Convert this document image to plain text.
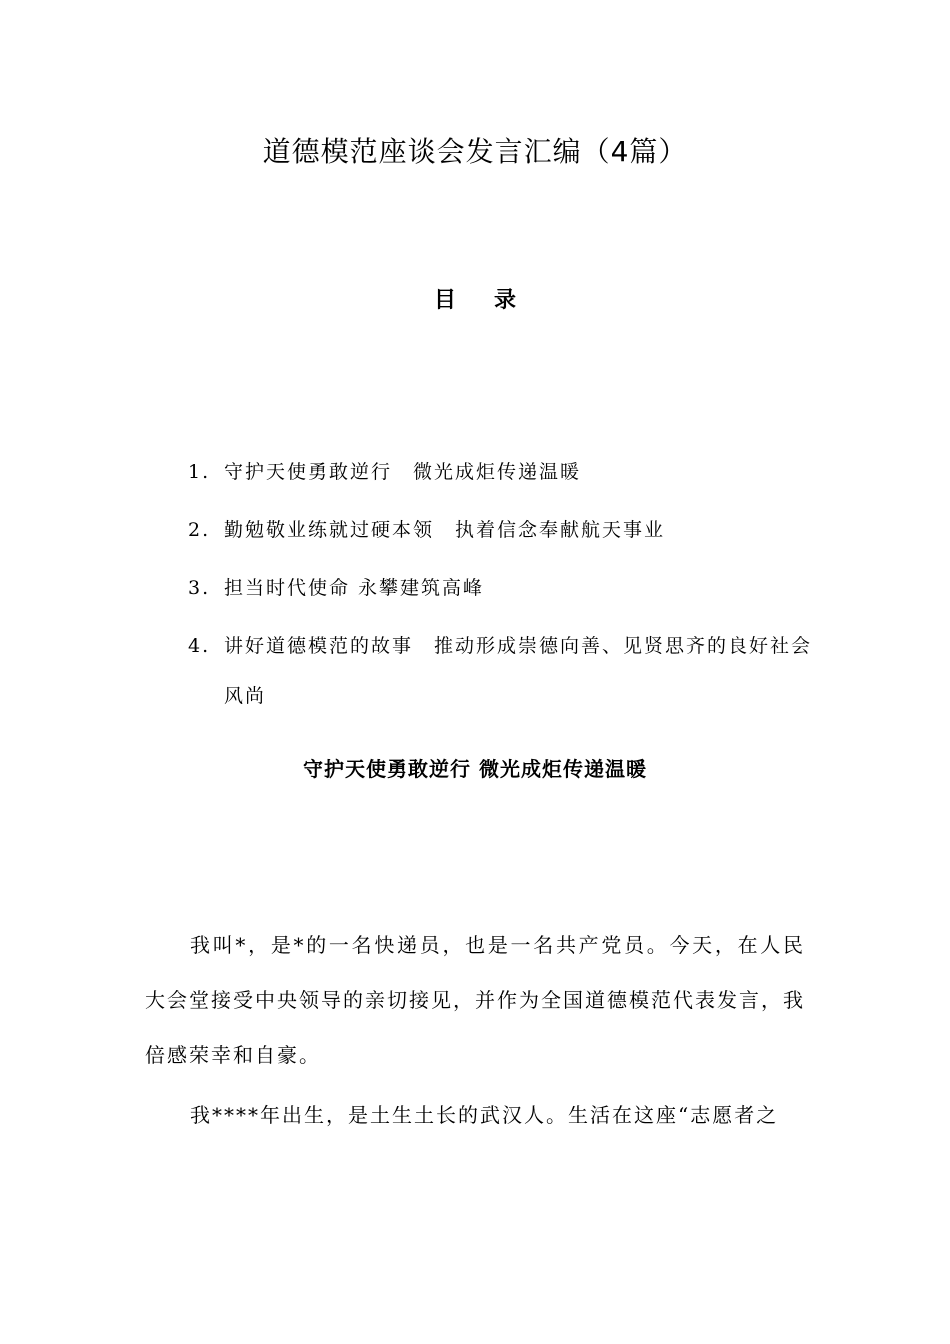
道德模范座谈会发言汇编（4篇）
目录
1. 守护天使勇敢逆行　微光成炬传递温暖
2. 勤勉敬业练就过硬本领　执着信念奉献航天事业
3. 担当时代使命 永攀建筑高峰
4. 讲好道德模范的故事　推动形成崇德向善、见贤思齐的良好社会风尚
守护天使勇敢逆行 微光成炬传递温暖

我叫*，是*的一名快递员，也是一名共产党员。今天，在人民大会堂接受中央领导的亲切接见，并作为全国道德模范代表发言，我倍感荣幸和自豪。

我****年出生，是土生土长的武汉人。生活在这座“志愿者之
